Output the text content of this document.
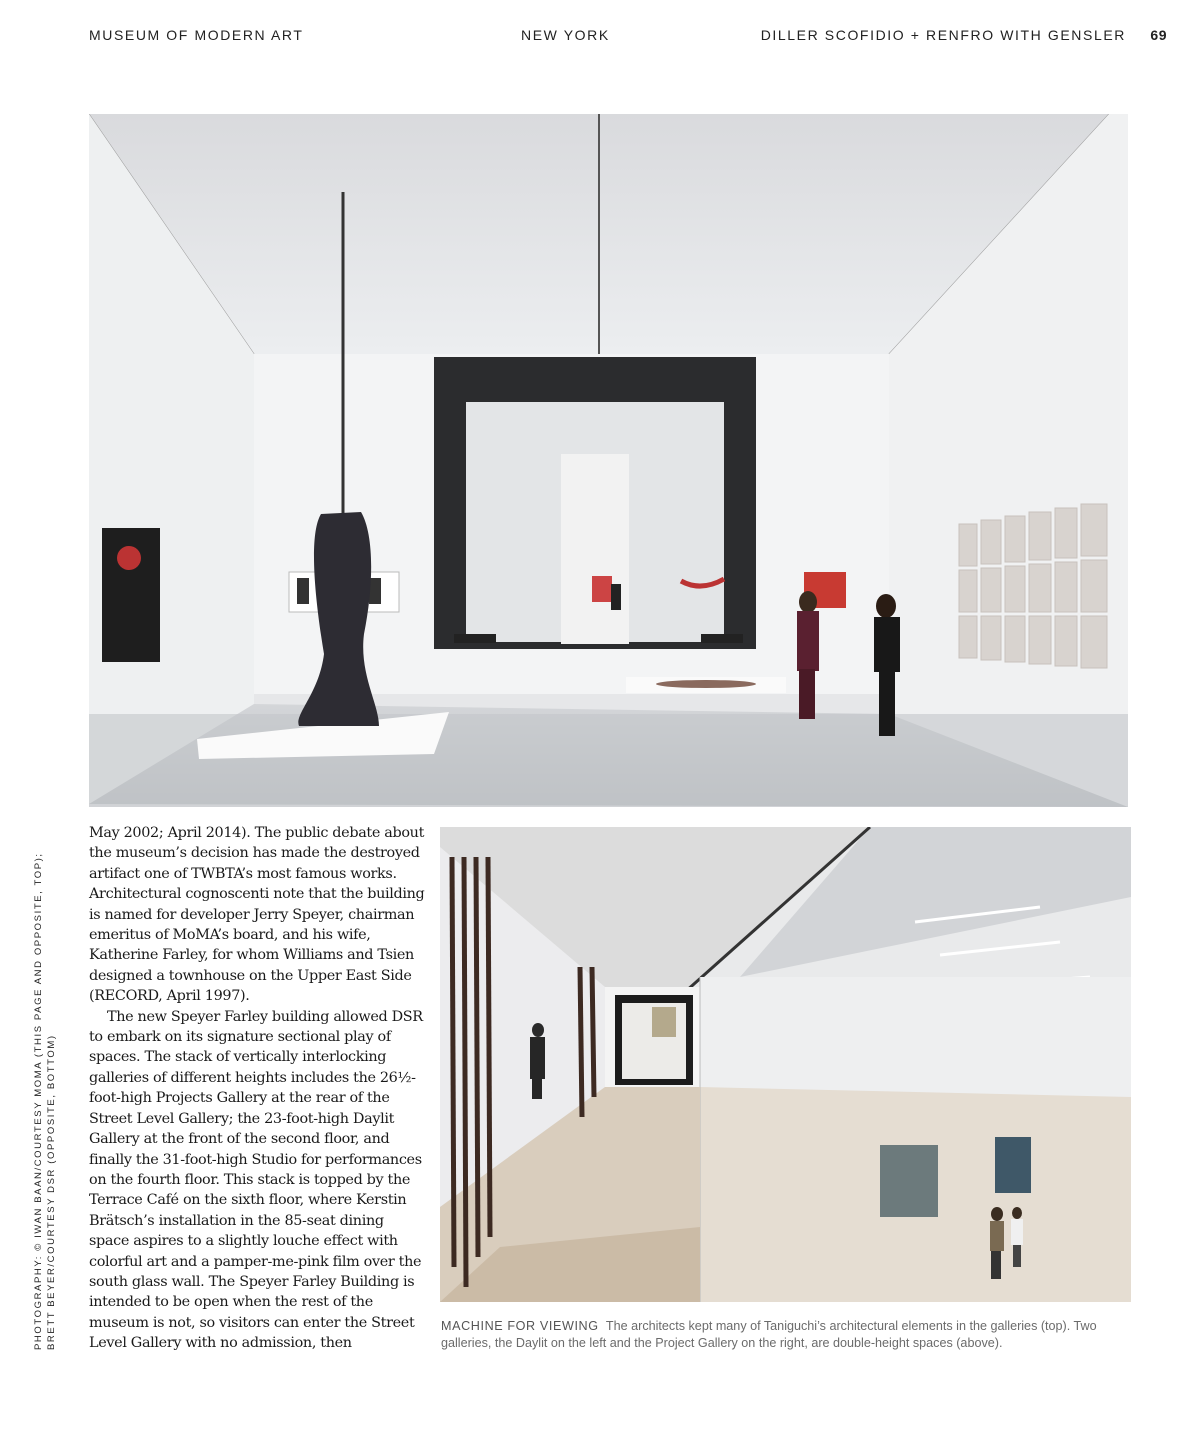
MUSEUM OF MODERN ART	NEW YORK	DILLER SCOFIDIO + RENFRO WITH GENSLER 69

May 2002; April 2014). The public debate about the museum’s decision has made the destroyed artifact one of TWBTA’s most famous works. Architectural cognoscenti note that the building is named for developer Jerry Speyer, chairman emeritus of MoMA’s board, and his wife, Katherine Farley, for whom Williams and Tsien designed a townhouse on the Upper East Side (RECORD, April 1997).

The new Speyer Farley building allowed DSR to embark on its signature sectional play of spaces. The stack of vertically interlocking galleries of different heights includes the 26½-foot-high Projects Gallery at the rear of the Street Level Gallery; the 23-foot-high Daylit Gallery at the front of the second floor, and finally the 31-foot-high Studio for performances on the fourth floor. This stack is topped by the Terrace Café on the sixth floor, where Kerstin Brätsch’s installation in the 85-seat dining space aspires to a slightly louche effect with colorful art and a pamper-me-pink film over the south glass wall. The Speyer Farley Building is intended to be open when the rest of the museum is not, so visitors can enter the Street Level Gallery with no admission, then

PHOTOGRAPHY: © IWAN BAAN/COURTESY MOMA (THIS PAGE AND OPPOSITE, TOP); BRETT BEYER/COURTESY DSR (OPPOSITE, BOTTOM)	MACHINE FOR VIEWING The architects kept many of Taniguchi’s architectural elements in the galleries (top). Two galleries, the Daylit on the left and the Project Gallery on the right, are double-height spaces (above).
